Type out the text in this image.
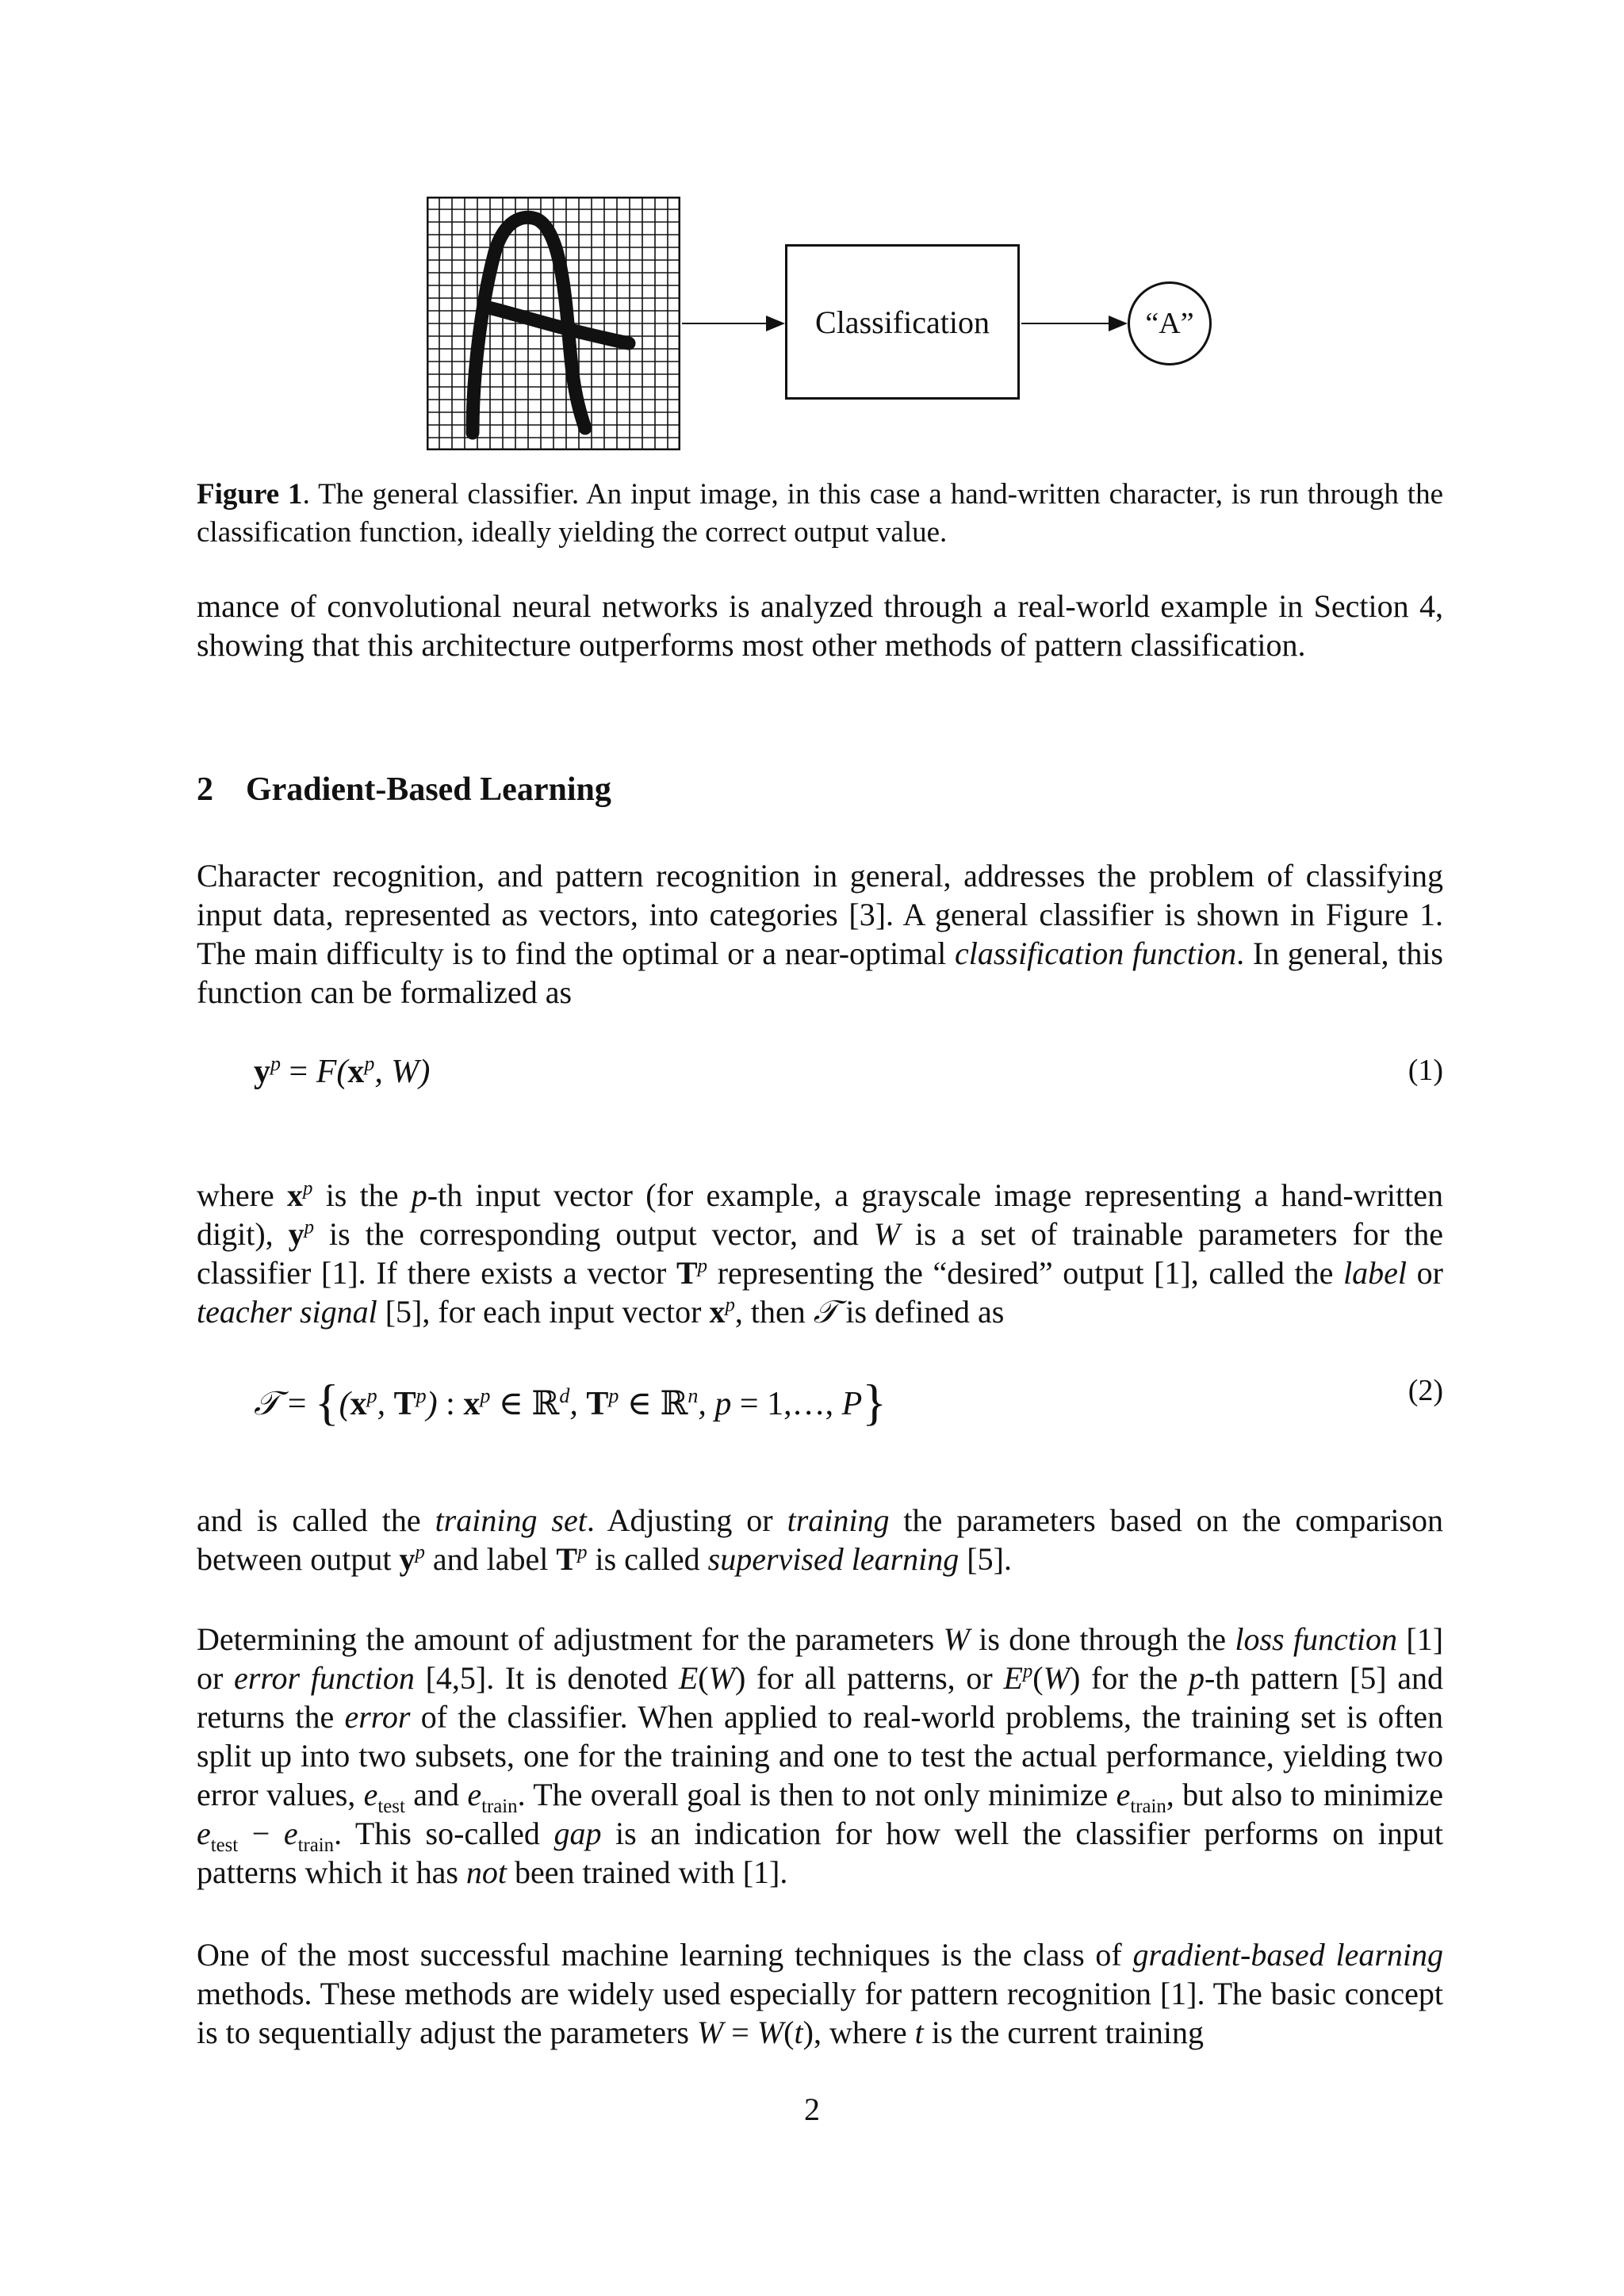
Classification	“A”
Figure 1. The general classifier. An input image, in this case a hand-written character, is run through the classification function, ideally yielding the correct output value.
mance of convolutional neural networks is analyzed through a real-world example in Section 4, showing that this architecture outperforms most other methods of pattern classification.
2 Gradient-Based Learning
Character recognition, and pattern recognition in general, addresses the problem of classifying input data, represented as vectors, into categories [3]. A general classifier is shown in Figure 1. The main difficulty is to find the optimal or a near-optimal classification function. In general, this function can be formalized as
$y^p = F(x^p$, W)	(1)
where $x^p$ is the p-th input vector (for example, a grayscale image representing a hand-written digit), $y^p$ is the corresponding output vector, and W is a set of trainable parameters for the classifier [1]. If there exists a vector $T^p$ representing the “desired” output [1], called the label or teacher signal [5], for each input vector $x^p$, then 𝒯 is defined as
𝒯 = {($x^p$, $T^p$) : $x^p$ ∈ ℝ$^d$, $T^p$ ∈ ℝ$^n$, p = 1,…, P}	(2)
and is called the training set. Adjusting or training the parameters based on the comparison between output $y^p$ and label $T^p$ is called supervised learning [5].
Determining the amount of adjustment for the parameters W is done through the loss function [1] or error function [4,5]. It is denoted E(W) for all patterns, or $E^p(W)$ for the p-th pattern [5] and returns the error of the classifier. When applied to real-world problems, the training set is often split up into two subsets, one for the training and one to test the actual performance, yielding two error values, $e_{test}$ and $e_{train}$. The overall goal is then to not only minimize $e_{train}$, but also to minimize $e_{test} - e_{train}$. This so-called gap is an indication for how well the classifier performs on input patterns which it has not been trained with [1].
One of the most successful machine learning techniques is the class of gradient-based learning methods. These methods are widely used especially for pattern recognition [1]. The basic concept is to sequentially adjust the parameters W = W(t), where t is the current training
2
